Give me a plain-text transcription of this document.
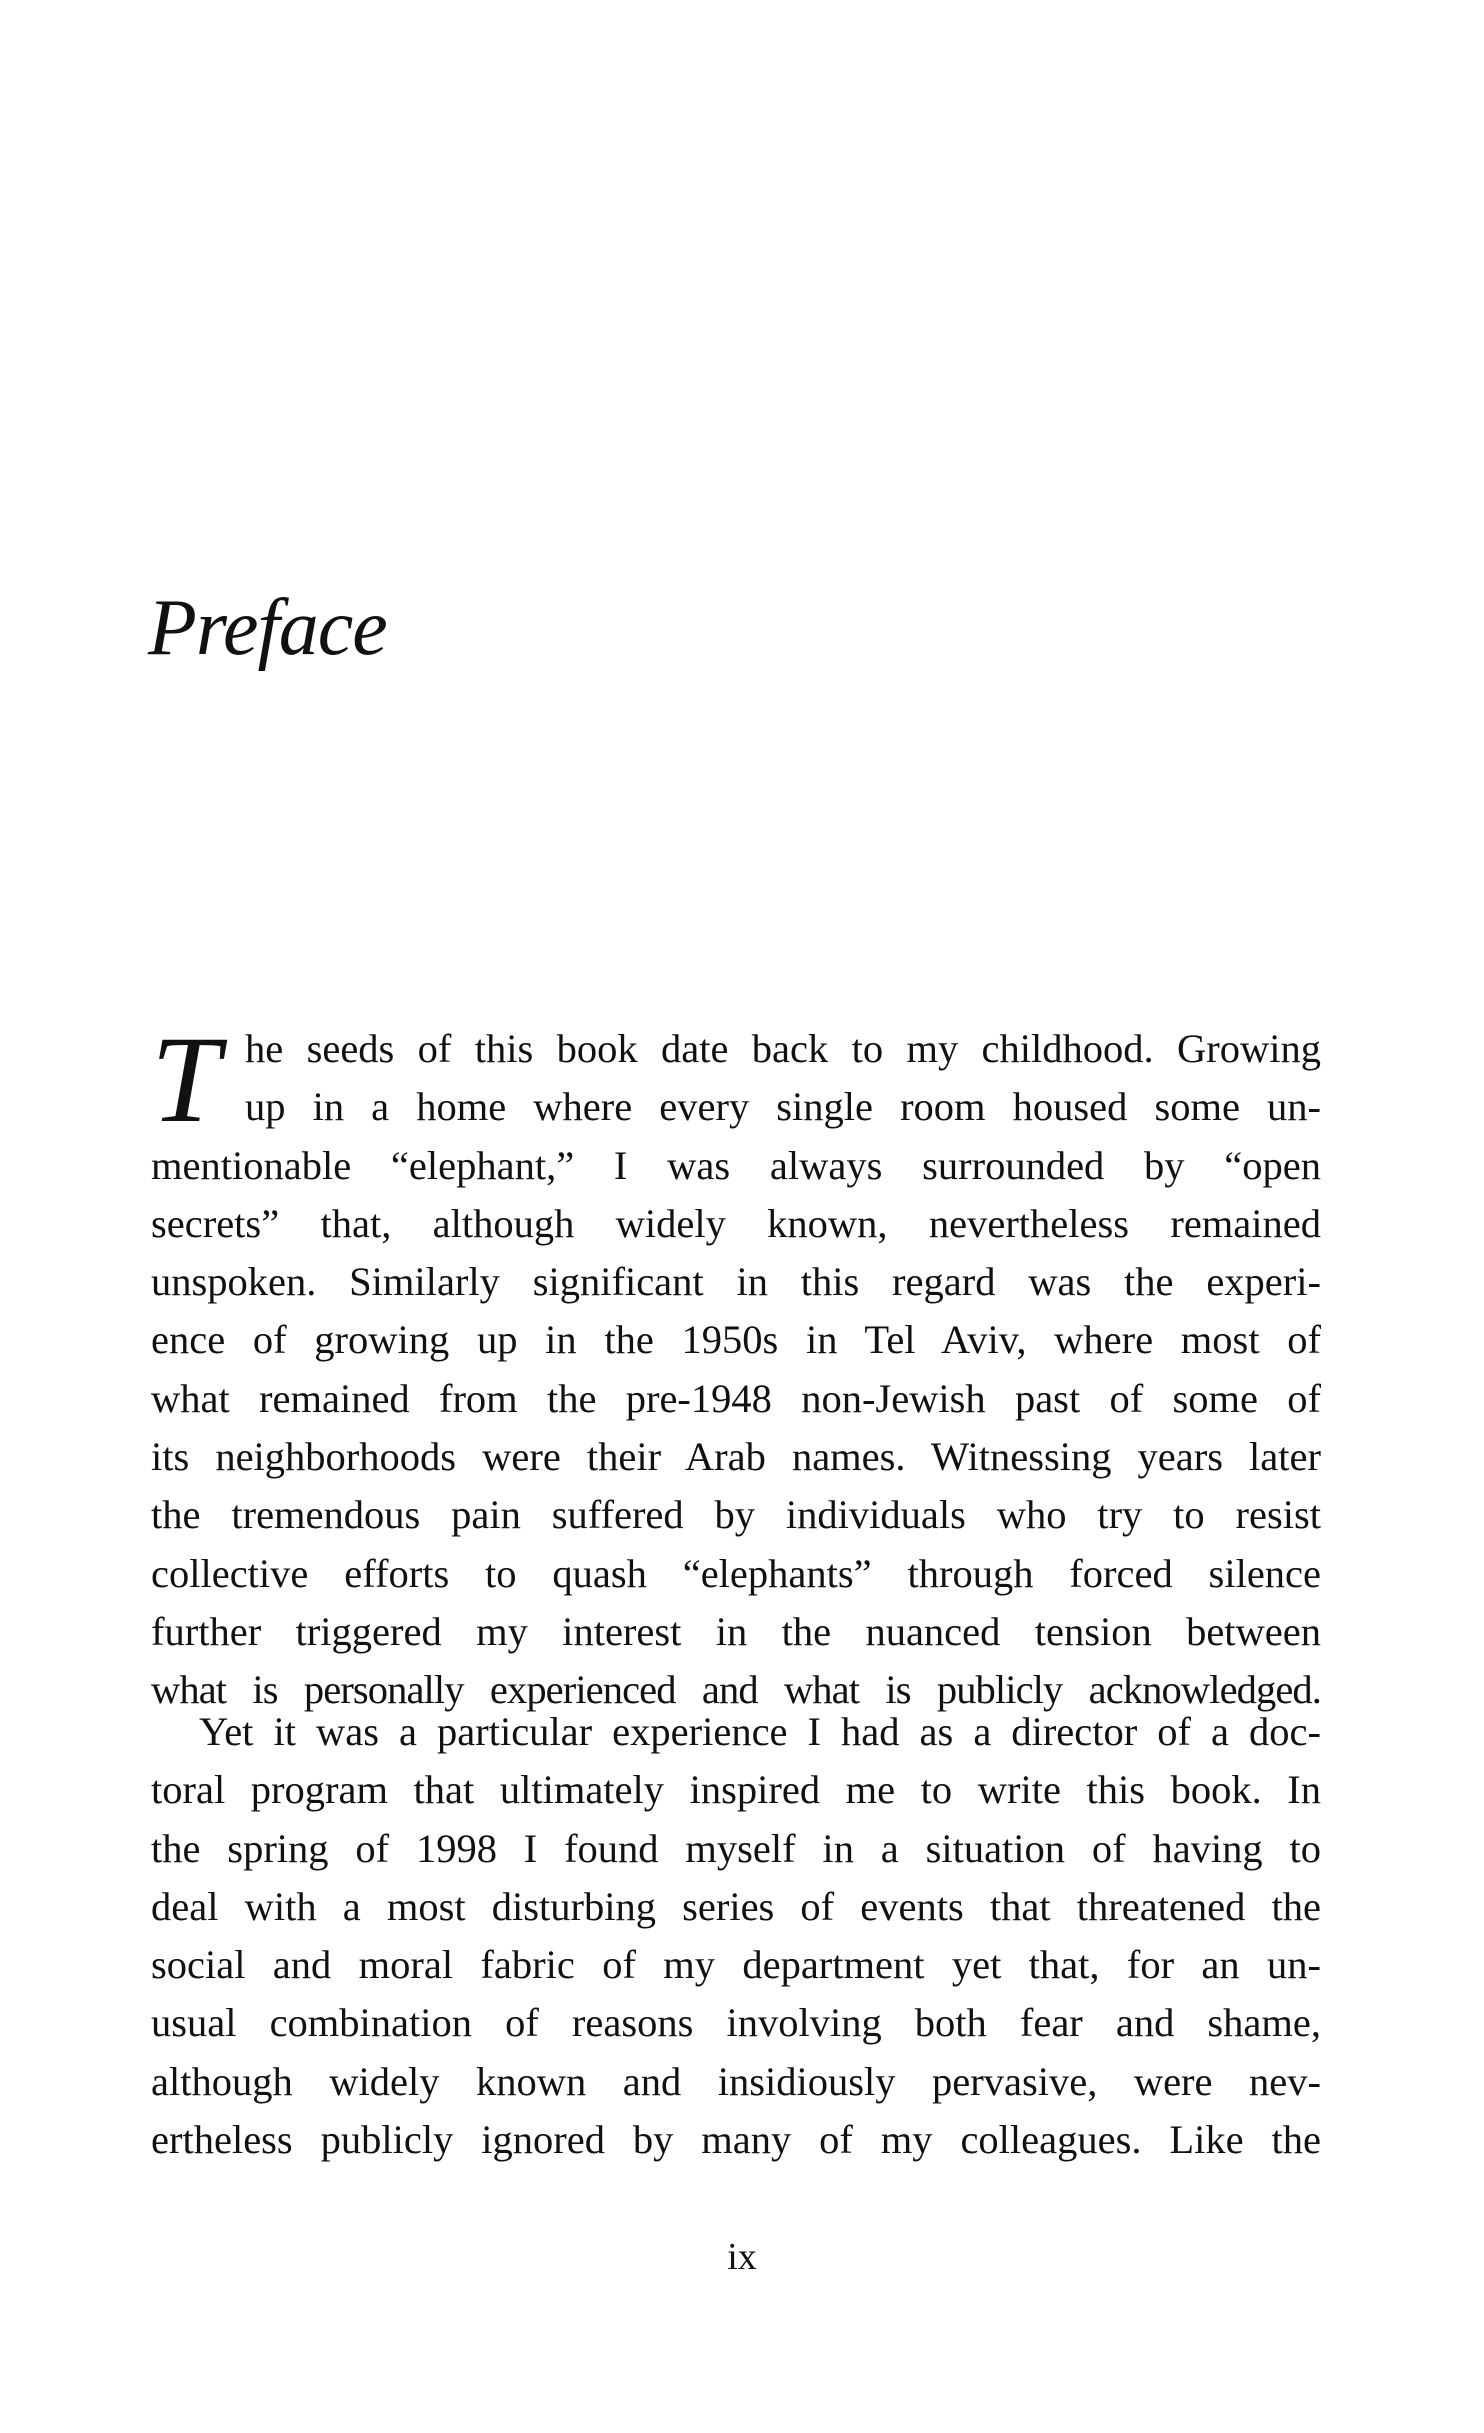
Preface
T he seeds of this book date back to my childhood. Growing
up in a home where every single room housed some un-
mentionable “elephant,” I was always surrounded by “open
secrets” that, although widely known, nevertheless remained
unspoken. Similarly significant in this regard was the experi-
ence of growing up in the 1950s in Tel Aviv, where most of
what remained from the pre-1948 non-Jewish past of some of
its neighborhoods were their Arab names. Witnessing years later
the tremendous pain suffered by individuals who try to resist
collective efforts to quash “elephants” through forced silence
further triggered my interest in the nuanced tension between
what is personally experienced and what is publicly acknowledged.
Yet it was a particular experience I had as a director of a doc-
toral program that ultimately inspired me to write this book. In
the spring of 1998 I found myself in a situation of having to
deal with a most disturbing series of events that threatened the
social and moral fabric of my department yet that, for an un-
usual combination of reasons involving both fear and shame,
although widely known and insidiously pervasive, were nev-
ertheless publicly ignored by many of my colleagues. Like the
ix
